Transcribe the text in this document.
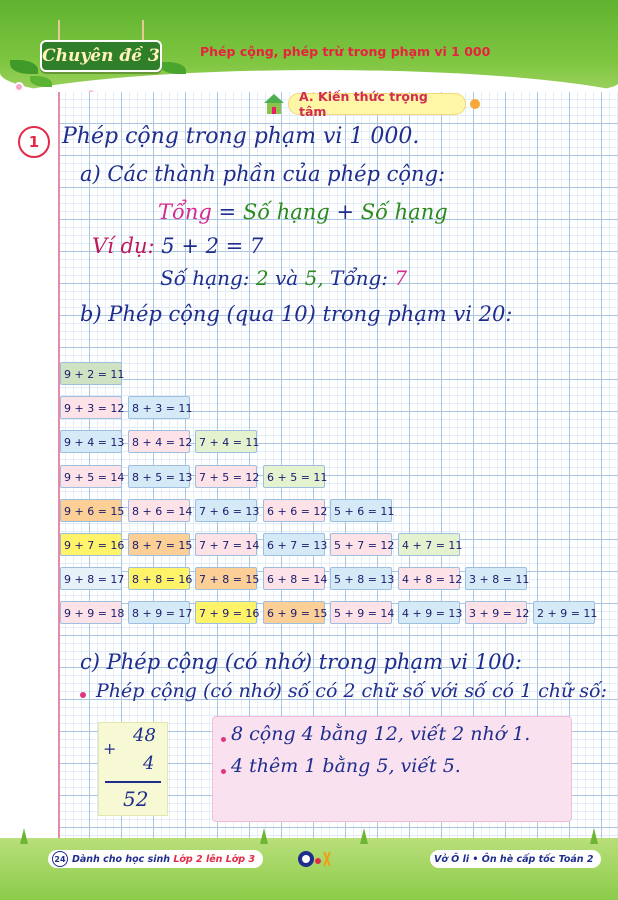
Chuyên đề 3	Phép cộng, phép trừ trong phạm vi 1 000
A. Kiến thức trọng tâm
1 Phép cộng trong phạm vi 1 000.
a) Các thành phần của phép cộng:
Tổng = Số hạng + Số hạng
Ví dụ: 5 + 2 = 7
Số hạng: 2 và 5, Tổng: 7
b) Phép cộng (qua 10) trong phạm vi 20:
9 + 2 = 11
9 + 3 = 12 8 + 3 = 11
9 + 4 = 13 8 + 4 = 12 7 + 4 = 11
9 + 5 = 14 8 + 5 = 13 7 + 5 = 12 6 + 5 = 11
9 + 6 = 15 8 + 6 = 14 7 + 6 = 13 6 + 6 = 12 5 + 6 = 11
9 + 7 = 16 8 + 7 = 15 7 + 7 = 14 6 + 7 = 13 5 + 7 = 12 4 + 7 = 11
9 + 8 = 17 8 + 8 = 16 7 + 8 = 15 6 + 8 = 14 5 + 8 = 13 4 + 8 = 12 3 + 8 = 11
9 + 9 = 18 8 + 9 = 17 7 + 9 = 16 6 + 9 = 15 5 + 9 = 14 4 + 9 = 13 3 + 9 = 12 2 + 9 = 11
c) Phép cộng (có nhớ) trong phạm vi 100:
Phép cộng (có nhớ) số có 2 chữ số với số có 1 chữ số:
48
+
4
52
8 cộng 4 bằng 12, viết 2 nhớ 1.
4 thêm 1 bằng 5, viết 5.
24 Dành cho học sinh
Lớp 2 lên Lớp 3	Vở Ô li •
Ôn hè cấp tốc Toán 2
